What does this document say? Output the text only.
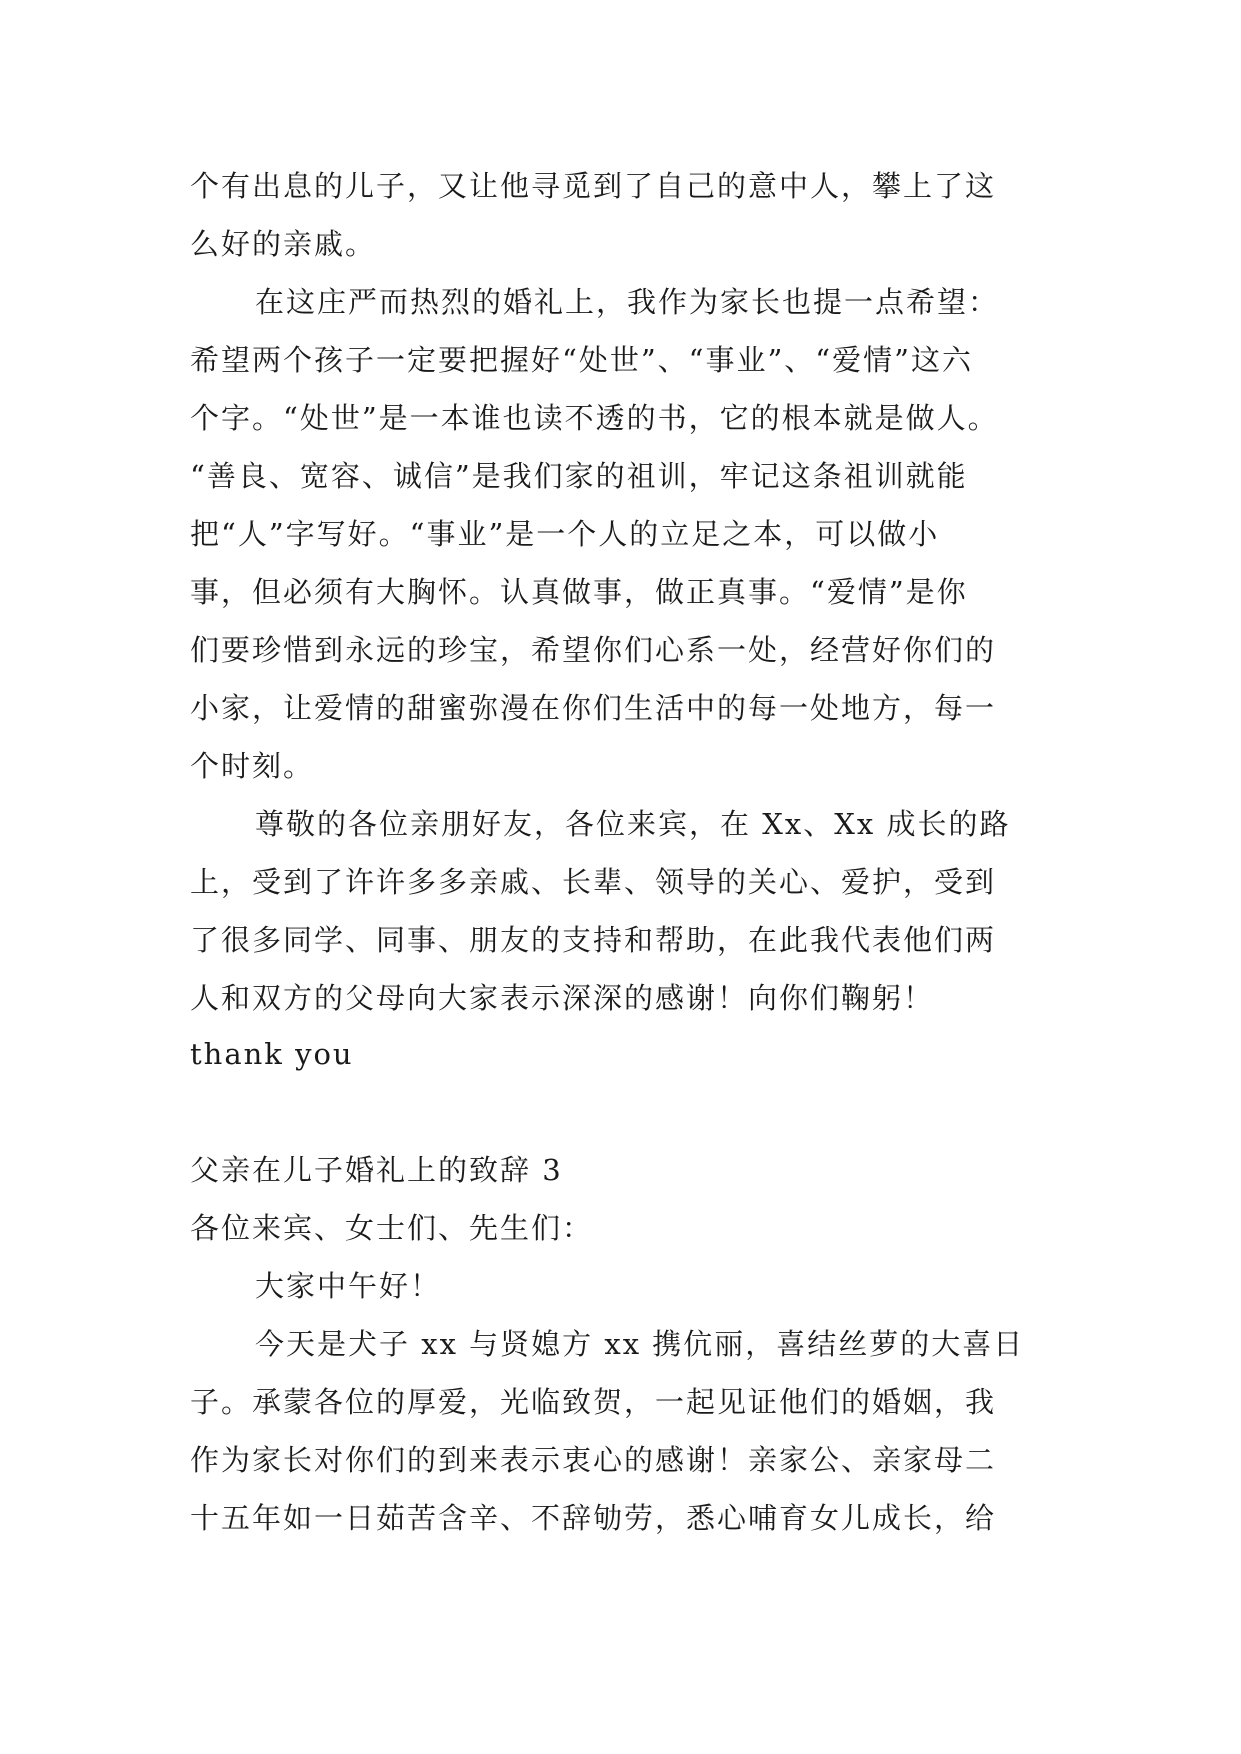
个有出息的儿子，又让他寻觅到了自己的意中人，攀上了这
么好的亲戚。
在这庄严而热烈的婚礼上，我作为家长也提一点希望：
希望两个孩子一定要把握好“处世”、“事业”、“爱情”这六
个字。“处世”是一本谁也读不透的书，它的根本就是做人。
“善良、宽容、诚信”是我们家的祖训，牢记这条祖训就能
把“人”字写好。“事业”是一个人的立足之本，可以做小
事，但必须有大胸怀。认真做事，做正真事。“爱情”是你
们要珍惜到永远的珍宝，希望你们心系一处，经营好你们的
小家，让爱情的甜蜜弥漫在你们生活中的每一处地方，每一
个时刻。
尊敬的各位亲朋好友，各位来宾，在 Xx、Xx 成长的路
上，受到了许许多多亲戚、长辈、领导的关心、爱护，受到
了很多同学、同事、朋友的支持和帮助，在此我代表他们两
人和双方的父母向大家表示深深的感谢！向你们鞠躬！
thank you
父亲在儿子婚礼上的致辞 3
各位来宾、女士们、先生们：
大家中午好！
今天是犬子 xx 与贤媳方 xx 携伉丽，喜结丝萝的大喜日
子。承蒙各位的厚爱，光临致贺，一起见证他们的婚姻，我
作为家长对你们的到来表示衷心的感谢！亲家公、亲家母二
十五年如一日茹苦含辛、不辞劬劳，悉心哺育女儿成长，给
